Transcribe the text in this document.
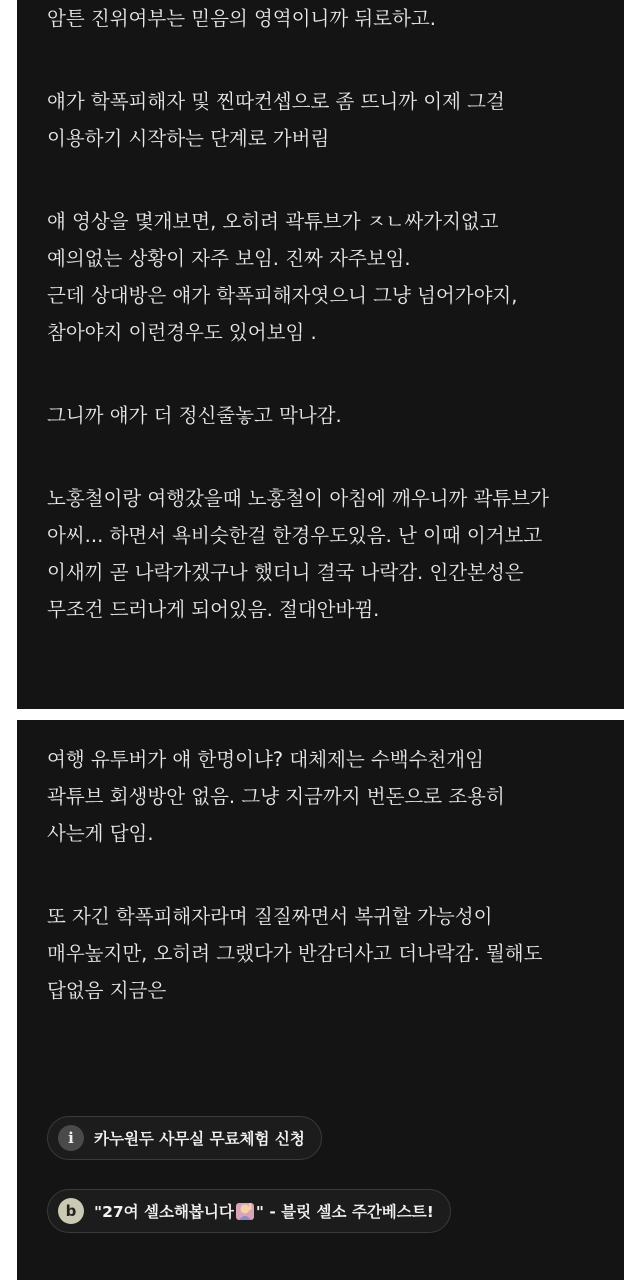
암튼 진위여부는 믿음의 영역이니까 뒤로하고.
얘가 학폭피해자 및 찐따컨셉으로 좀 뜨니까 이제 그걸
이용하기 시작하는 단계로 가버림
얘 영상을 몇개보면, 오히려 곽튜브가 ㅈㄴ싸가지없고
예의없는 상황이 자주 보임. 진짜 자주보임.
근데 상대방은 얘가 학폭피해자엿으니 그냥 넘어가야지,
참아야지 이런경우도 있어보임 .
그니까 얘가 더 정신줄놓고 막나감.
노홍철이랑 여행갔을때 노홍철이 아침에 깨우니까 곽튜브가
아씨... 하면서 욕비슷한걸 한경우도있음. 난 이때 이거보고
이새끼 곧 나락가겠구나 했더니 결국 나락감. 인간본성은
무조건 드러나게 되어있음. 절대안바뀜.
여행 유투버가 얘 한명이냐? 대체제는 수백수천개임
곽튜브 회생방안 없음. 그냥 지금까지 번돈으로 조용히
사는게 답임.
또 자긴 학폭피해자라며 질질짜면서 복귀할 가능성이
매우높지만, 오히려 그랬다가 반감더사고 더나락감. 뭘해도
답없음 지금은
i	카누원두 사무실 무료체험 신청
b	"27여 셀소해봅니다 " - 블릿 셀소 주간베스트!
